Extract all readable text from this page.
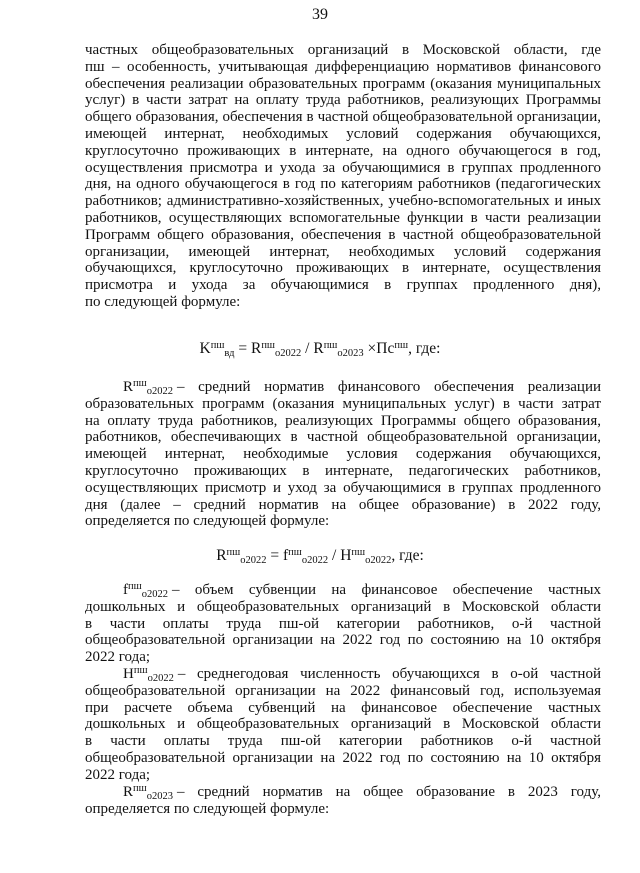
39
частных общеобразовательных организаций в Московской области, где
пш – особенность, учитывающая дифференциацию нормативов финансового
обеспечения реализации образовательных программ (оказания муниципальных
услуг) в части затрат на оплату труда работников, реализующих Программы
общего образования, обеспечения в частной общеобразовательной организации,
имеющей интернат, необходимых условий содержания обучающихся,
круглосуточно проживающих в интернате, на одного обучающегося в год,
осуществления присмотра и ухода за обучающимися в группах продленного
дня, на одного обучающегося в год по категориям работников (педагогических
работников; административно-хозяйственных, учебно-вспомогательных и иных
работников, осуществляющих вспомогательные функции в части реализации
Программ общего образования, обеспечения в частной общеобразовательной
организации, имеющей интернат, необходимых условий содержания
обучающихся, круглосуточно проживающих в интернате, осуществления
присмотра и ухода за обучающимися в группах продленного дня),
по следующей формуле:
$K^{пш}_{вд} = R^{пш}_{o2022} / R^{пш}_{o2023} \times Пс^{пш}$, где:
$R^{пш}_{o2022}$ – средний норматив финансового обеспечения реализации
образовательных программ (оказания муниципальных услуг) в части затрат
на оплату труда работников, реализующих Программы общего образования,
работников, обеспечивающих в частной общеобразовательной организации,
имеющей интернат, необходимые условия содержания обучающихся,
круглосуточно проживающих в интернате, педагогических работников,
осуществляющих присмотр и уход за обучающимися в группах продленного
дня (далее – средний норматив на общее образование) в 2022 году,
определяется по следующей формуле:
$R^{пш}_{o2022} = f^{пш}_{o2022} / H^{пш}_{o2022}$, где:
$f^{пш}_{o2022}$ – объем субвенции на финансовое обеспечение частных
дошкольных и общеобразовательных организаций в Московской области
в части оплаты труда пш-ой категории работников, о-й частной
общеобразовательной организации на 2022 год по состоянию на 10 октября
2022 года;
$H^{пш}_{o2022}$ – среднегодовая численность обучающихся в о-ой частной
общеобразовательной организации на 2022 финансовый год, используемая
при расчете объема субвенций на финансовое обеспечение частных
дошкольных и общеобразовательных организаций в Московской области
в части оплаты труда пш-ой категории работников о-й частной
общеобразовательной организации на 2022 год по состоянию на 10 октября
2022 года;
$R^{пш}_{o2023}$ – средний норматив на общее образование в 2023 году,
определяется по следующей формуле:
